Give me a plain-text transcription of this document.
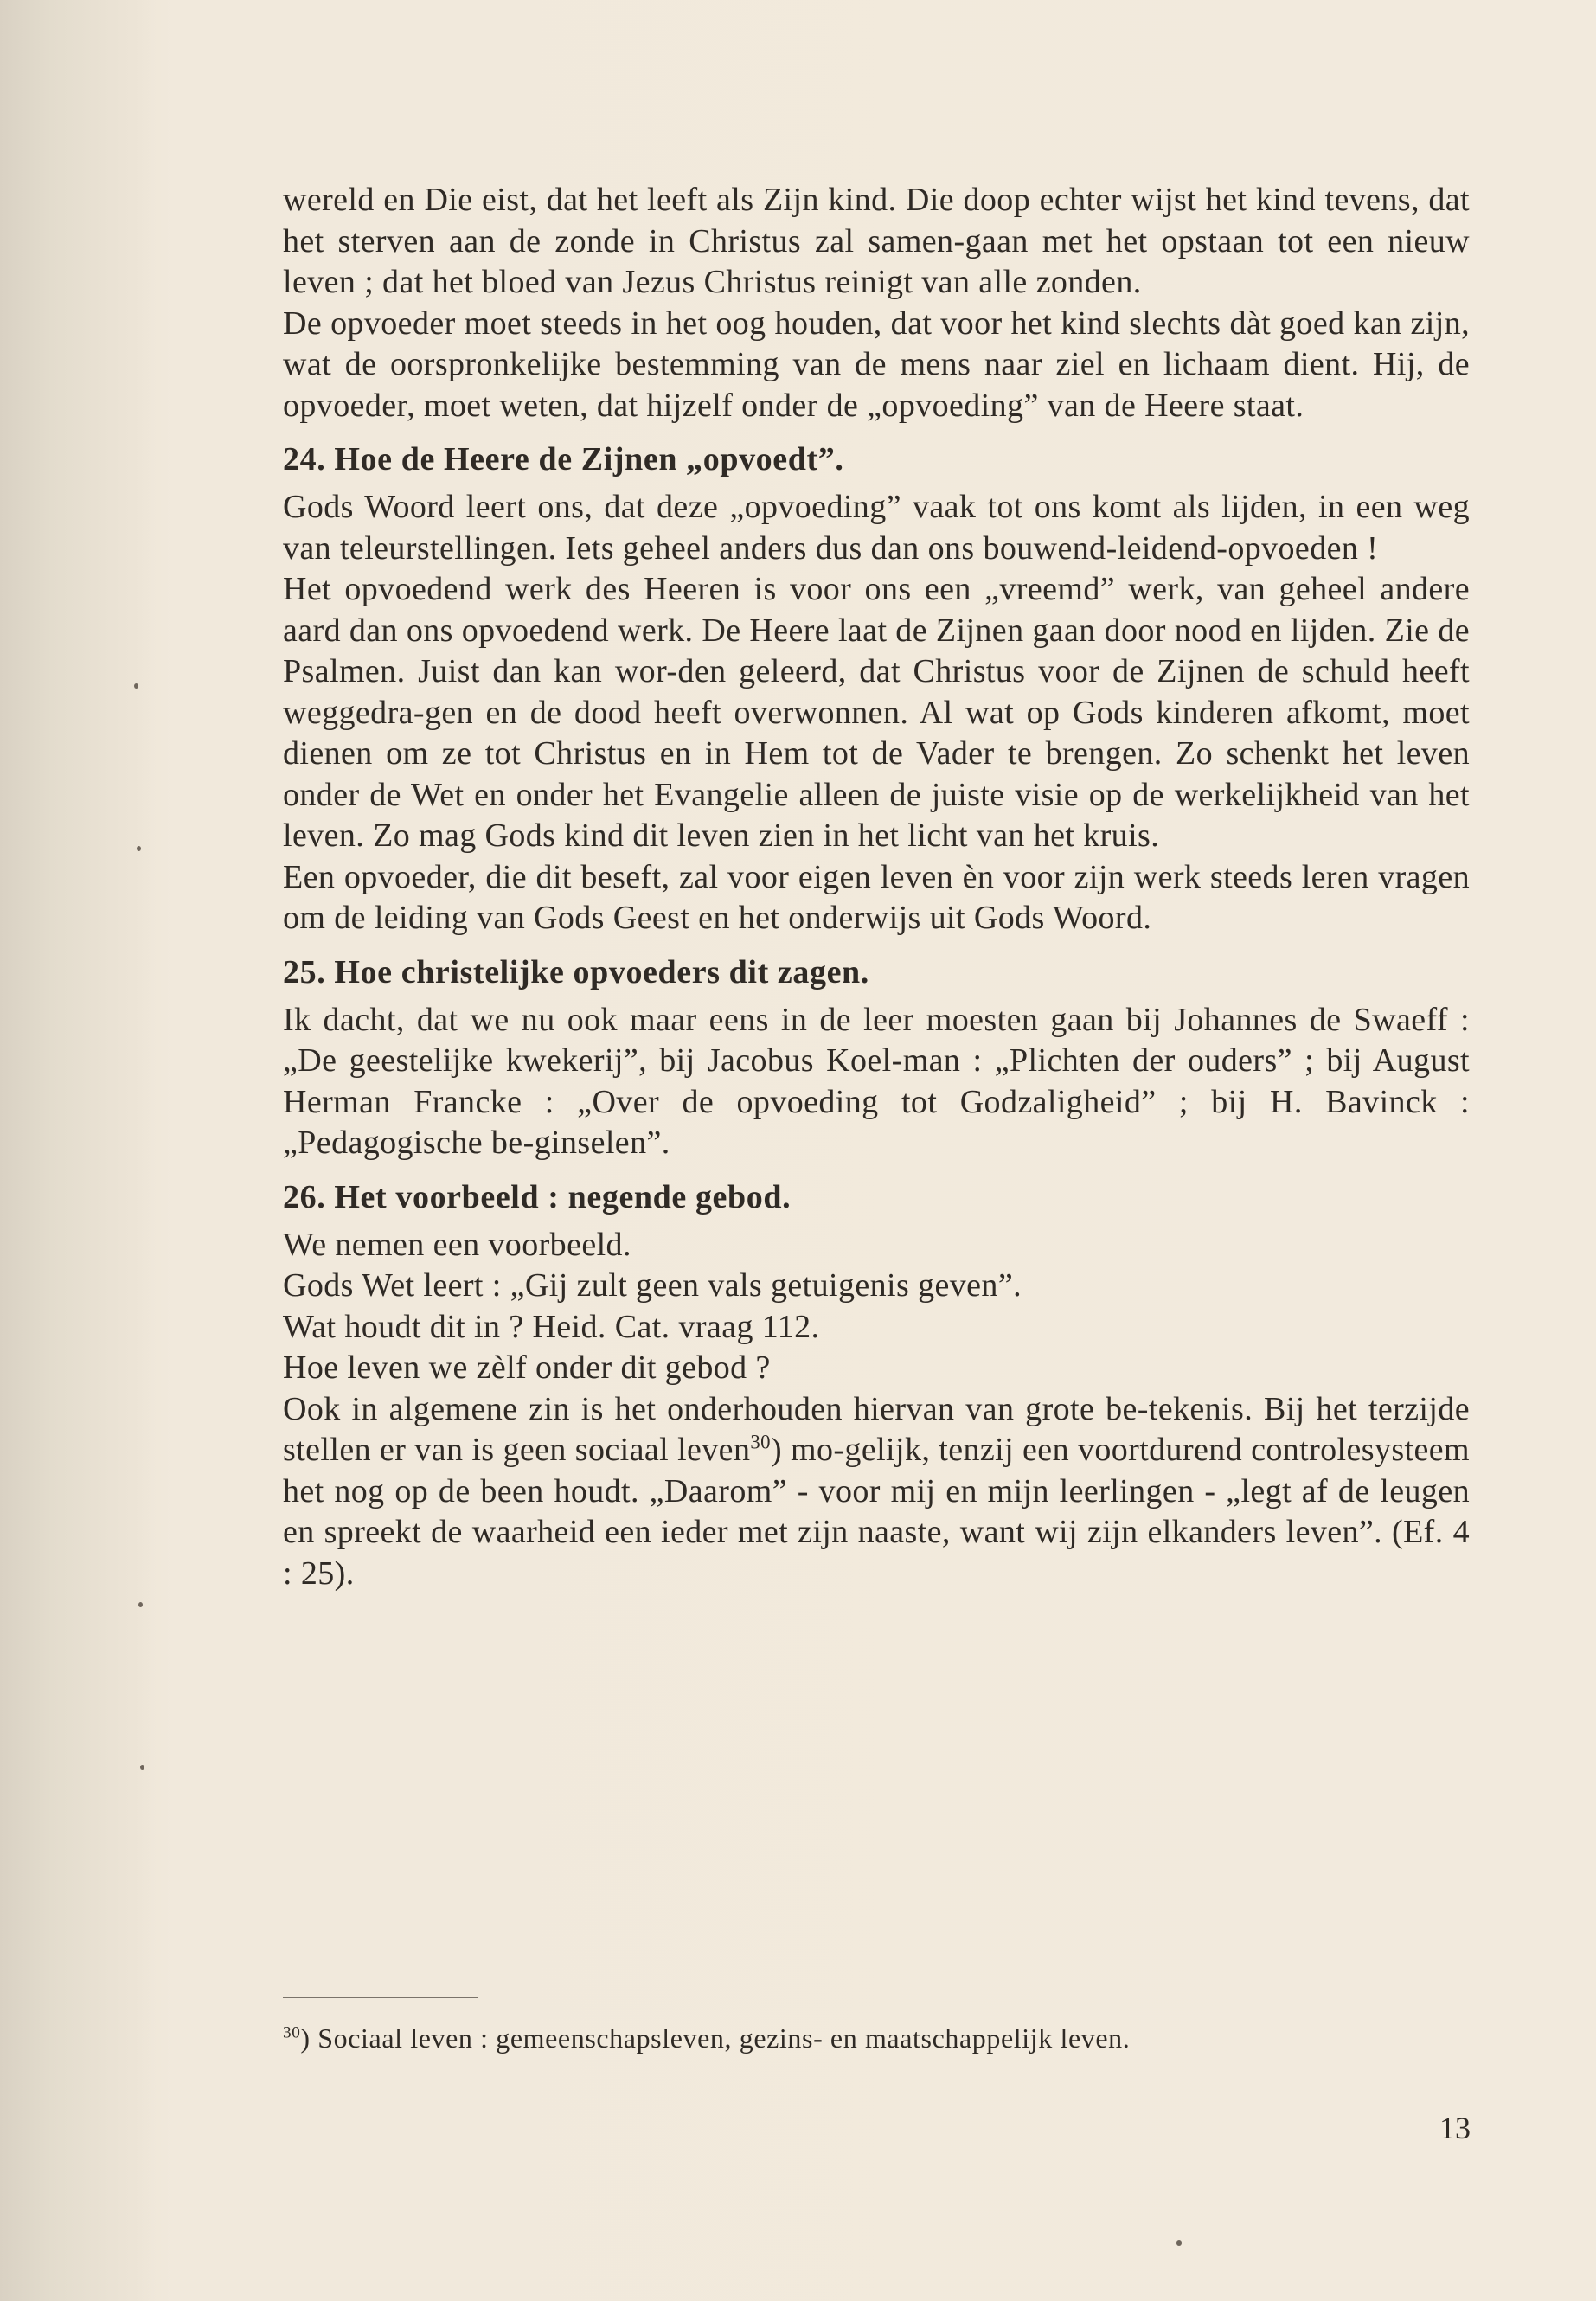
wereld en Die eist, dat het leeft als Zijn kind. Die doop echter wijst het kind tevens, dat het sterven aan de zonde in Christus zal samen-gaan met het opstaan tot een nieuw leven ; dat het bloed van Jezus Christus reinigt van alle zonden.

De opvoeder moet steeds in het oog houden, dat voor het kind slechts dàt goed kan zijn, wat de oorspronkelijke bestemming van de mens naar ziel en lichaam dient. Hij, de opvoeder, moet weten, dat hijzelf onder de „opvoeding” van de Heere staat.

24. Hoe de Heere de Zijnen „opvoedt”.

Gods Woord leert ons, dat deze „opvoeding” vaak tot ons komt als lijden, in een weg van teleurstellingen. Iets geheel anders dus dan ons bouwend-leidend-opvoeden !

Het opvoedend werk des Heeren is voor ons een „vreemd” werk, van geheel andere aard dan ons opvoedend werk. De Heere laat de Zijnen gaan door nood en lijden. Zie de Psalmen. Juist dan kan wor-den geleerd, dat Christus voor de Zijnen de schuld heeft weggedra-gen en de dood heeft overwonnen. Al wat op Gods kinderen afkomt, moet dienen om ze tot Christus en in Hem tot de Vader te brengen. Zo schenkt het leven onder de Wet en onder het Evangelie alleen de juiste visie op de werkelijkheid van het leven. Zo mag Gods kind dit leven zien in het licht van het kruis.

Een opvoeder, die dit beseft, zal voor eigen leven èn voor zijn werk steeds leren vragen om de leiding van Gods Geest en het onderwijs uit Gods Woord.

25. Hoe christelijke opvoeders dit zagen.

Ik dacht, dat we nu ook maar eens in de leer moesten gaan bij Johannes de Swaeff : „De geestelijke kwekerij”, bij Jacobus Koel-man : „Plichten der ouders” ; bij August Herman Francke : „Over de opvoeding tot Godzaligheid” ; bij H. Bavinck : „Pedagogische be-ginselen”.

26. Het voorbeeld : negende gebod.

We nemen een voorbeeld.

Gods Wet leert : „Gij zult geen vals getuigenis geven”.

Wat houdt dit in ? Heid. Cat. vraag 112.

Hoe leven we zèlf onder dit gebod ?

Ook in algemene zin is het onderhouden hiervan van grote be-tekenis. Bij het terzijde stellen er van is geen sociaal leven$^{30}$) mo-gelijk, tenzij een voortdurend controlesysteem het nog op de been houdt. „Daarom” - voor mij en mijn leerlingen - „legt af de leugen en spreekt de waarheid een ieder met zijn naaste, want wij zijn elkanders leven”. (Ef. 4 : 25).

$^{30}$) Sociaal leven : gemeenschapsleven, gezins- en maatschappelijk leven.
13
